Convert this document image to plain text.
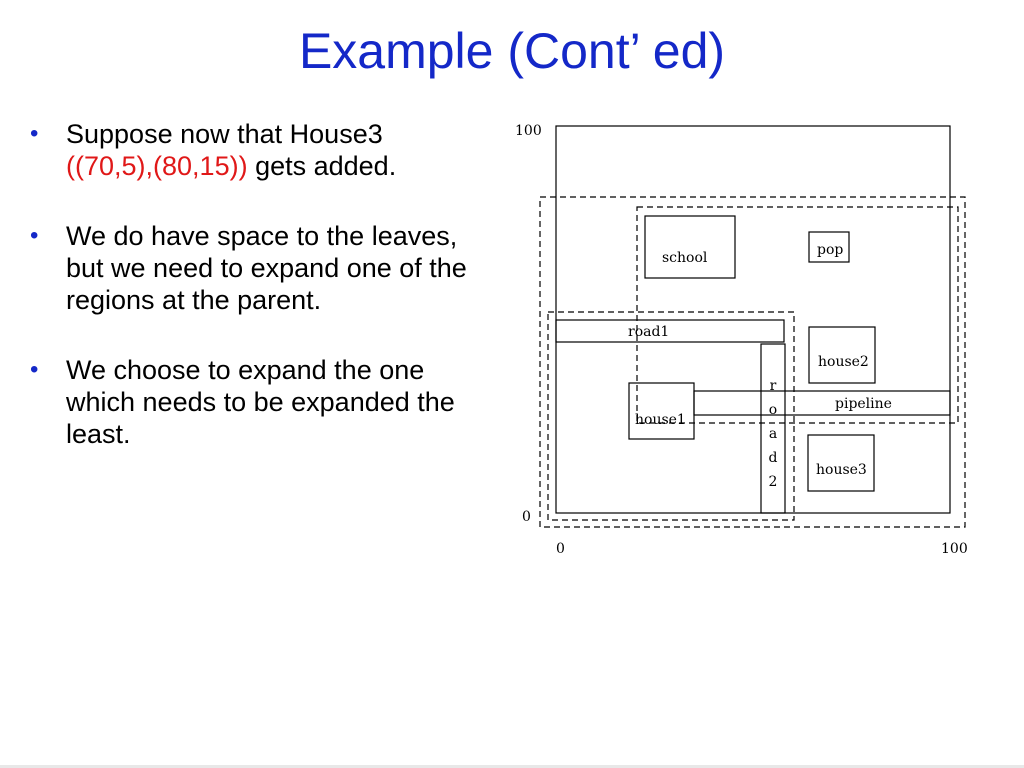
Example (Cont’ ed)
• Suppose now that House3 ((70,5),(80,15)) gets added.
• We do have space to the leaves, but we need to expand one of the regions at the parent.
• We choose to expand the one which needs to be expanded the least.
school	pop
road1
house2
r
o
a
d
2
pipeline
house1
house3
100
0
0	100
